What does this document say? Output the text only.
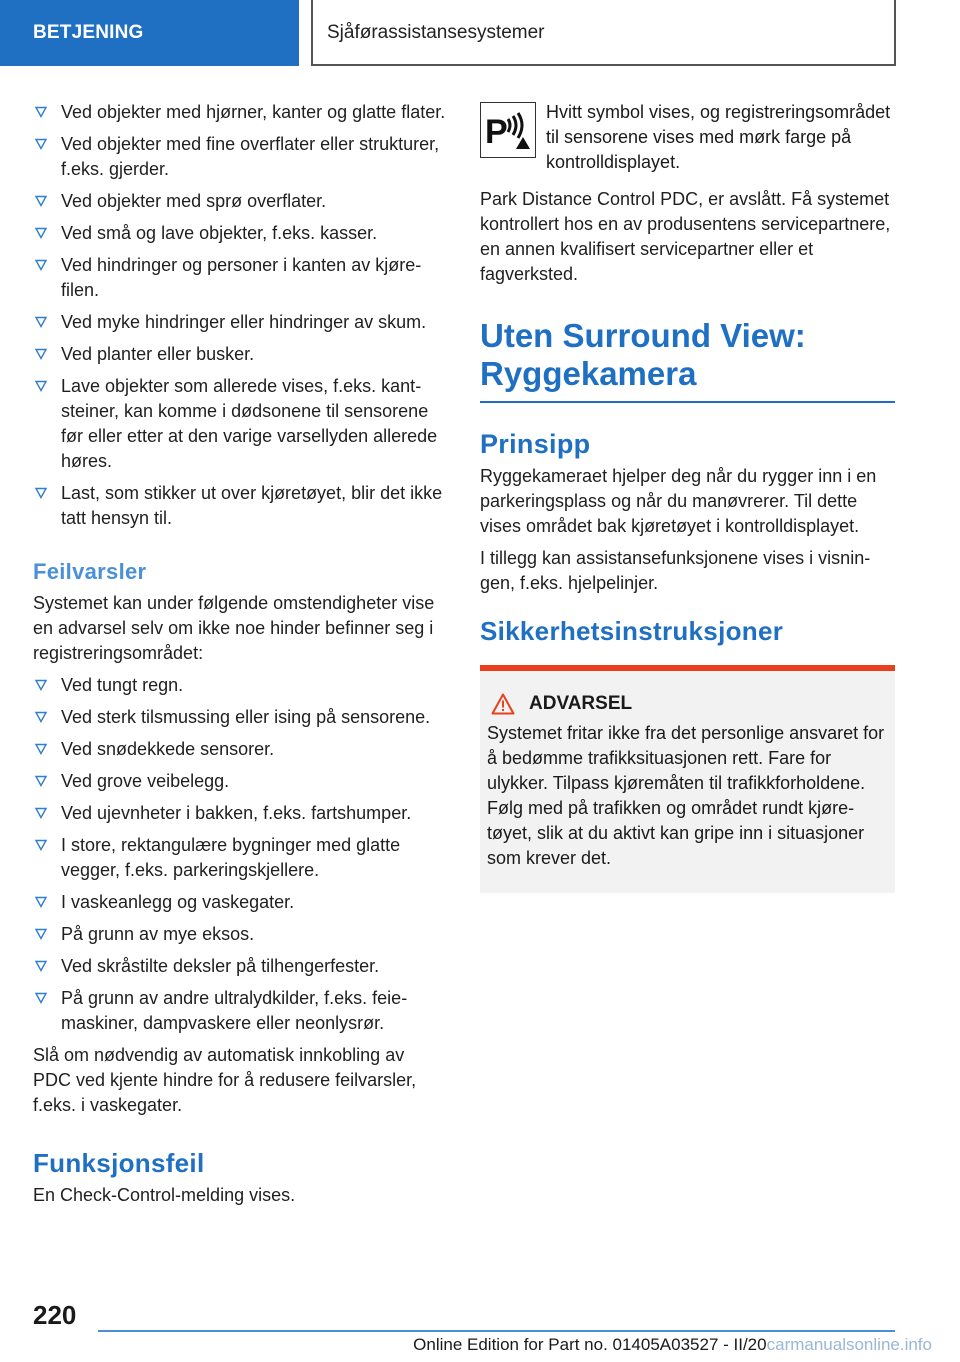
BETJENING	Sjåførassistansesystemer
Ved objekter med hjørner, kanter og glatte flater.
Ved objekter med fine overflater eller strukturer, f.eks. gjerder.
Ved objekter med sprø overflater.
Ved små og lave objekter, f.eks. kasser.
Ved hindringer og personer i kanten av kjørefilen.
Ved myke hindringer eller hindringer av skum.
Ved planter eller busker.
Lave objekter som allerede vises, f.eks. kantsteiner, kan komme i dødsonene til sensorene før eller etter at den varige varsellyden allerede høres.
Last, som stikker ut over kjøretøyet, blir det ikke tatt hensyn til.
Feilvarsler

Systemet kan under følgende omstendigheter vise en advarsel selv om ikke noe hinder befinner seg i registreringsområdet:

Ved tungt regn.
Ved sterk tilsmussing eller ising på sensorene.
Ved snødekkede sensorer.
Ved grove veibelegg.
Ved ujevnheter i bakken, f.eks. fartshumper.
I store, rektangulære bygninger med glatte vegger, f.eks. parkeringskjellere.
I vaskeanlegg og vaskegater.
På grunn av mye eksos.
Ved skråstilte deksler på tilhengerfester.
På grunn av andre ultralydkilder, f.eks. feiemaskiner, dampvaskere eller neonlysrør.

Slå om nødvendig av automatisk innkobling av PDC ved kjente hindre for å redusere feilvarsler, f.eks. i vaskegater.

Funksjonsfeil

En Check-Control-melding vises.

P
Hvitt symbol vises, og registreringsområdet til sensorene vises med mørk farge på kontrolldisplayet.

Park Distance Control PDC, er avslått. Få systemet kontrollert hos en av produsentens servicepartnere, en annen kvalifisert servicepartner eller et fagverksted.

Uten Surround View: Ryggekamera
Prinsipp

Ryggekameraet hjelper deg når du rygger inn i en parkeringsplass og når du manøvrerer. Til dette vises området bak kjøretøyet i kontrolldisplayet.

I tillegg kan assistansefunksjonene vises i visningen, f.eks. hjelpelinjer.

Sikkerhetsinstruksjoner
ADVARSEL
Systemet fritar ikke fra det personlige ansvaret for å bedømme trafikksituasjonen rett. Fare for ulykker. Tilpass kjøremåten til trafikkforholdene. Følg med på trafikken og området rundt kjøretøyet, slik at du aktivt kan gripe inn i situasjoner som krever det.
220
Online Edition for Part no. 01405A03527 - II/20carmanualsonline.info
